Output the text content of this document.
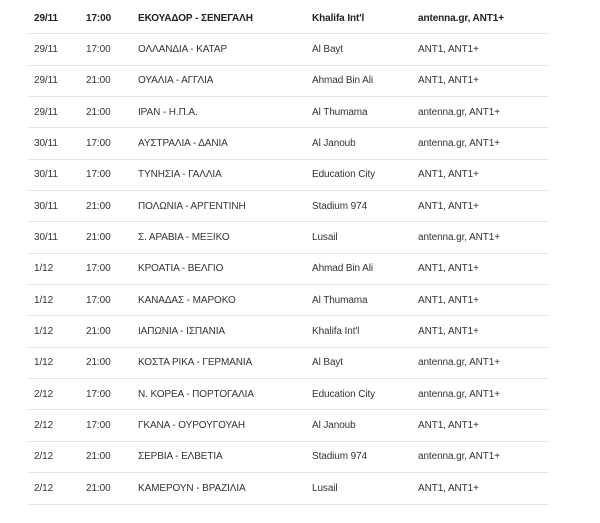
29/11	17:00	ΕΚΟΥΑΔΟΡ - ΣΕΝΕΓΑΛΗ	Khalifa Int'l	antenna.gr, ANT1+
29/11	17:00	ΟΛΛΑΝΔΙΑ - ΚΑΤΑΡ	Al Bayt	ANT1, ANT1+
29/11	21:00	ΟΥΑΛΙΑ - ΑΓΓΛΙΑ	Ahmad Bin Ali	ANT1, ANT1+
29/11	21:00	ΙΡΑΝ - Η.Π.Α.	Al Thumama	antenna.gr, ANT1+
30/11	17:00	ΑΥΣΤΡΑΛΙΑ - ΔΑΝΙΑ	Al Janoub	antenna.gr, ANT1+
30/11	17:00	ΤΥΝΗΣΙΑ - ΓΑΛΛΙΑ	Education City	ANT1, ANT1+
30/11	21:00	ΠΟΛΩΝΙΑ - ΑΡΓΕΝΤΙΝΗ	Stadium 974	ANT1, ANT1+
30/11	21:00	Σ. ΑΡΑΒΙΑ - ΜΕΞΙΚΟ	Lusail	antenna.gr, ANT1+
1/12	17:00	ΚΡΟΑΤΙΑ - ΒΕΛΓΙΟ	Ahmad Bin Ali	ANT1, ANT1+
1/12	17:00	ΚΑΝΑΔΑΣ - ΜΑΡΟΚΟ	Al Thumama	ANT1, ANT1+
1/12	21:00	ΙΑΠΩΝΙΑ - ΙΣΠΑΝΙΑ	Khalifa Int'l	ANT1, ANT1+
1/12	21:00	ΚΟΣΤΑ ΡΙΚΑ - ΓΕΡΜΑΝΙΑ	Al Bayt	antenna.gr, ANT1+
2/12	17:00	Ν. ΚΟΡΕΑ - ΠΟΡΤΟΓΑΛΙΑ	Education City	antenna.gr, ANT1+
2/12	17:00	ΓΚΑΝΑ - ΟΥΡΟΥΓΟΥΑΗ	Al Janoub	ANT1, ANT1+
2/12	21:00	ΣΕΡΒΙΑ - ΕΛΒΕΤΙΑ	Stadium 974	antenna.gr, ANT1+
2/12	21:00	ΚΑΜΕΡΟΥΝ - ΒΡΑΖΙΛΙΑ	Lusail	ANT1, ANT1+
